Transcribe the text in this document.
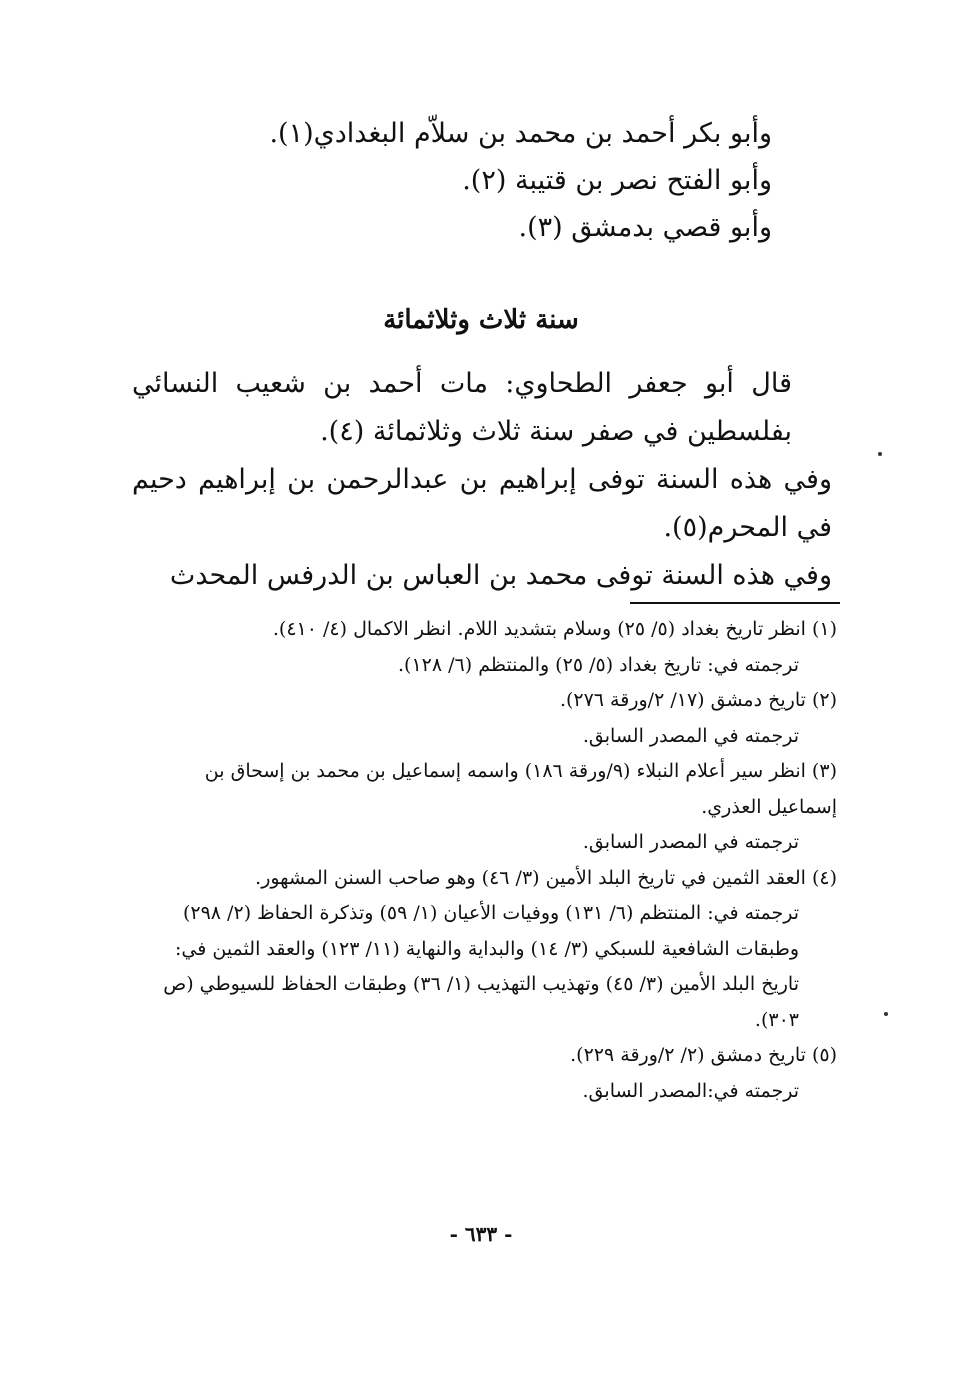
وأبو بكر أحمد بن محمد بن سلاّم البغدادي(١).
وأبو الفتح نصر بن قتيبة (٢).
وأبو قصي بدمشق (٣).
سنة ثلاث وثلاثمائة

قال أبو جعفر الطحاوي: مات أحمد بن شعيب النسائي بفلسطين في صفر سنة ثلاث وثلاثمائة (٤).

وفي هذه السنة توفى إبراهيم بن عبدالرحمن بن إبراهيم دحيم في المحرم(٥).

وفي هذه السنة توفى محمد بن العباس بن الدرفس المحدث

(١) انظر تاريخ بغداد (٥/ ٢٥) وسلام بتشديد اللام. انظر الاكمال (٤/ ٤١٠).

ترجمته في: تاريخ بغداد (٥/ ٢٥) والمنتظم (٦/ ١٢٨).

(٢) تاريخ دمشق (١٧/ ٢/ورقة ٢٧٦).

ترجمته في المصدر السابق.

(٣) انظر سير أعلام النبلاء (٩/ورقة ١٨٦) واسمه إسماعيل بن محمد بن إسحاق بن إسماعيل العذري.

ترجمته في المصدر السابق.

(٤) العقد الثمين في تاريخ البلد الأمين (٣/ ٤٦) وهو صاحب السنن المشهور.

ترجمته في: المنتظم (٦/ ١٣١) ووفيات الأعيان (١/ ٥٩) وتذكرة الحفاظ (٢/ ٢٩٨) وطبقات الشافعية للسبكي (٣/ ١٤) والبداية والنهاية (١١/ ١٢٣) والعقد الثمين في: تاريخ البلد الأمين (٣/ ٤٥) وتهذيب التهذيب (١/ ٣٦) وطبقات الحفاظ للسيوطي (ص ٣٠٣).

(٥) تاريخ دمشق (٢/ ٢/ورقة ٢٢٩).

ترجمته في:المصدر السابق.

- ٦٣٣ -
